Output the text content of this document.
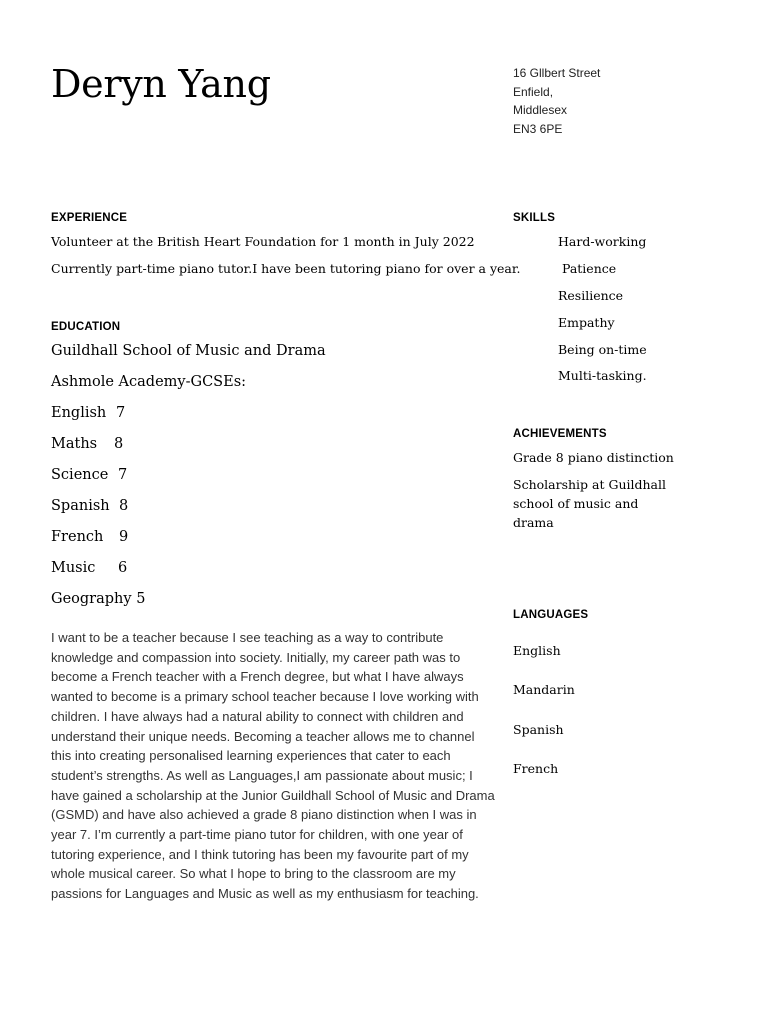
Deryn Yang	16 Gllbert Street
Enfield,
Middlesex
EN3 6PE
EXPERIENCE
Volunteer at the British Heart Foundation for 1 month in July 2022
Currently part-time piano tutor.I have been tutoring piano for over a year.
EDUCATION
Guildhall School of Music and Drama
Ashmole Academy-GCSEs:
English 7
Maths 8
Science 7
Spanish 8
French 9
Music 6
Geography 5
I want to be a teacher because I see teaching as a way to contribute knowledge and compassion into society. Initially, my career path was to become a French teacher with a French degree, but what I have always wanted to become is a primary school teacher because I love working with children. I have always had a natural ability to connect with children and understand their unique needs. Becoming a teacher allows me to channel this into creating personalised learning experiences that cater to each student’s strengths. As well as Languages,I am passionate about music; I have gained a scholarship at the Junior Guildhall School of Music and Drama (GSMD) and have also achieved a grade 8 piano distinction when I was in year 7. I’m currently a part-time piano tutor for children, with one year of tutoring experience, and I think tutoring has been my favourite part of my whole musical career. So what I hope to bring to the classroom are my passions for Languages and Music as well as my enthusiasm for teaching.
SKILLS
Hard-working
Patience
Resilience
Empathy
Being on-time
Multi-tasking.
ACHIEVEMENTS
Grade 8 piano distinction
Scholarship at Guildhall school of music and drama
LANGUAGES
English
Mandarin
Spanish
French
